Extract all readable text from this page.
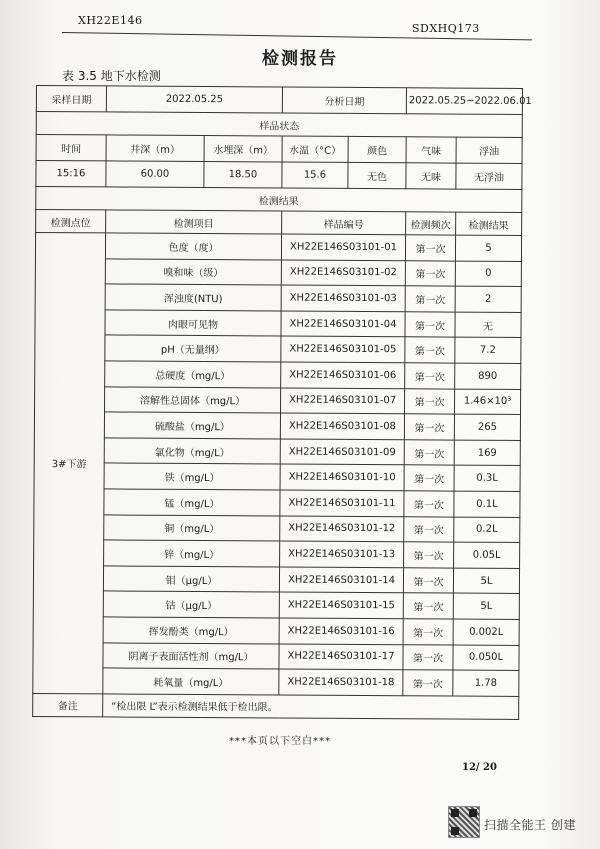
XH22E146
SDXHQ173
检测报告
表 3.5 地下水检测
采样日期	2022.05.25		分析日期		2022.05.25~2022.06.01	
样品状态						
时间	井深（m）	水埋深（m）	水温（°C）	颜色	气味	浮油
15:16	60.00	18.50	15.6	无色	无味	无浮油
检测结果						
检测点位	检测项目		样品编号		检测频次	检测结果
3#下游	色度（度）		XH22E146S03101-01		第一次	5
	嗅和味（级）		XH22E146S03101-02		第一次	0
	浑浊度(NTU)		XH22E146S03101-03		第一次	2
	肉眼可见物		XH22E146S03101-04		第一次	无
	pH（无量纲）		XH22E146S03101-05		第一次	7.2
	总硬度（mg/L）		XH22E146S03101-06		第一次	890
	溶解性总固体（mg/L）		XH22E146S03101-07		第一次	1.46×10³
	硫酸盐（mg/L）		XH22E146S03101-08		第一次	265
	氯化物（mg/L）		XH22E146S03101-09		第一次	169
	铁（mg/L）		XH22E146S03101-10		第一次	0.3L
	锰（mg/L）		XH22E146S03101-11		第一次	0.1L
	铜（mg/L）		XH22E146S03101-12		第一次	0.2L
	锌（mg/L）		XH22E146S03101-13		第一次	0.05L
	钼（μg/L）		XH22E146S03101-14		第一次	5L
	钴（μg/L）		XH22E146S03101-15		第一次	5L
	挥发酚类（mg/L）		XH22E146S03101-16		第一次	0.002L
	阴离子表面活性剂（mg/L）		XH22E146S03101-17		第一次	0.050L
	耗氧量（mg/L）		XH22E146S03101-18		第一次	1.78
备注	“检出限 L”表示检测结果低于检出限。					
***本页以下空白***
12/ 20
扫描全能王 创建
